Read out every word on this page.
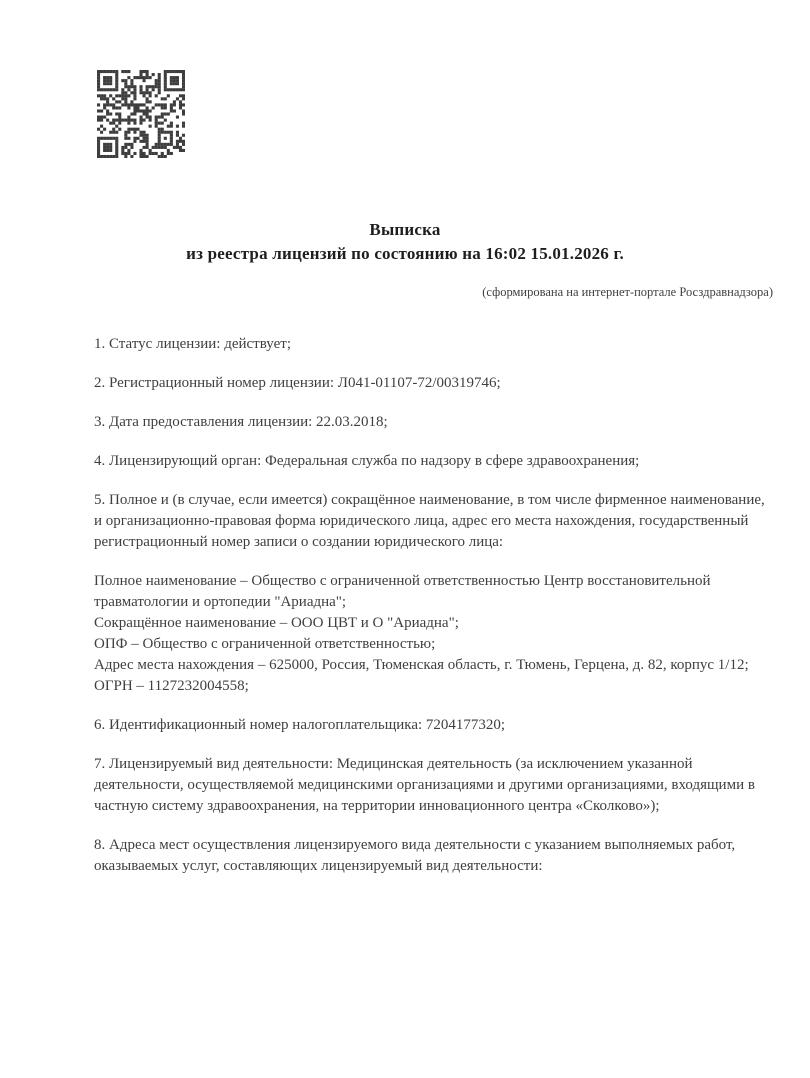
Выписка
из реестра лицензий по состоянию на 16:02 15.01.2026 г.
(сформирована на интернет-портале Росздравнадзора)

1. Статус лицензии: действует;

2. Регистрационный номер лицензии: Л041-01107-72/00319746;

3. Дата предоставления лицензии: 22.03.2018;

4. Лицензирующий орган: Федеральная служба по надзору в сфере здравоохранения;

5. Полное и (в случае, если имеется) сокращённое наименование, в том числе фирменное наименование, и организационно-правовая форма юридического лица, адрес его места нахождения, государственный регистрационный номер записи о создании юридического лица:

Полное наименование – Общество с ограниченной ответственностью Центр восстановительной травматологии и ортопедии "Ариадна";
Сокращённое наименование – ООО ЦВТ и О "Ариадна";
ОПФ – Общество с ограниченной ответственностью;
Адрес места нахождения – 625000, Россия, Тюменская область, г. Тюмень, Герцена, д. 82, корпус 1/12;
ОГРН – 1127232004558;

6. Идентификационный номер налогоплательщика: 7204177320;

7. Лицензируемый вид деятельности: Медицинская деятельность (за исключением указанной деятельности, осуществляемой медицинскими организациями и другими организациями, входящими в частную систему здравоохранения, на территории инновационного центра «Сколково»);

8. Адреса мест осуществления лицензируемого вида деятельности с указанием выполняемых работ, оказываемых услуг, составляющих лицензируемый вид деятельности:
